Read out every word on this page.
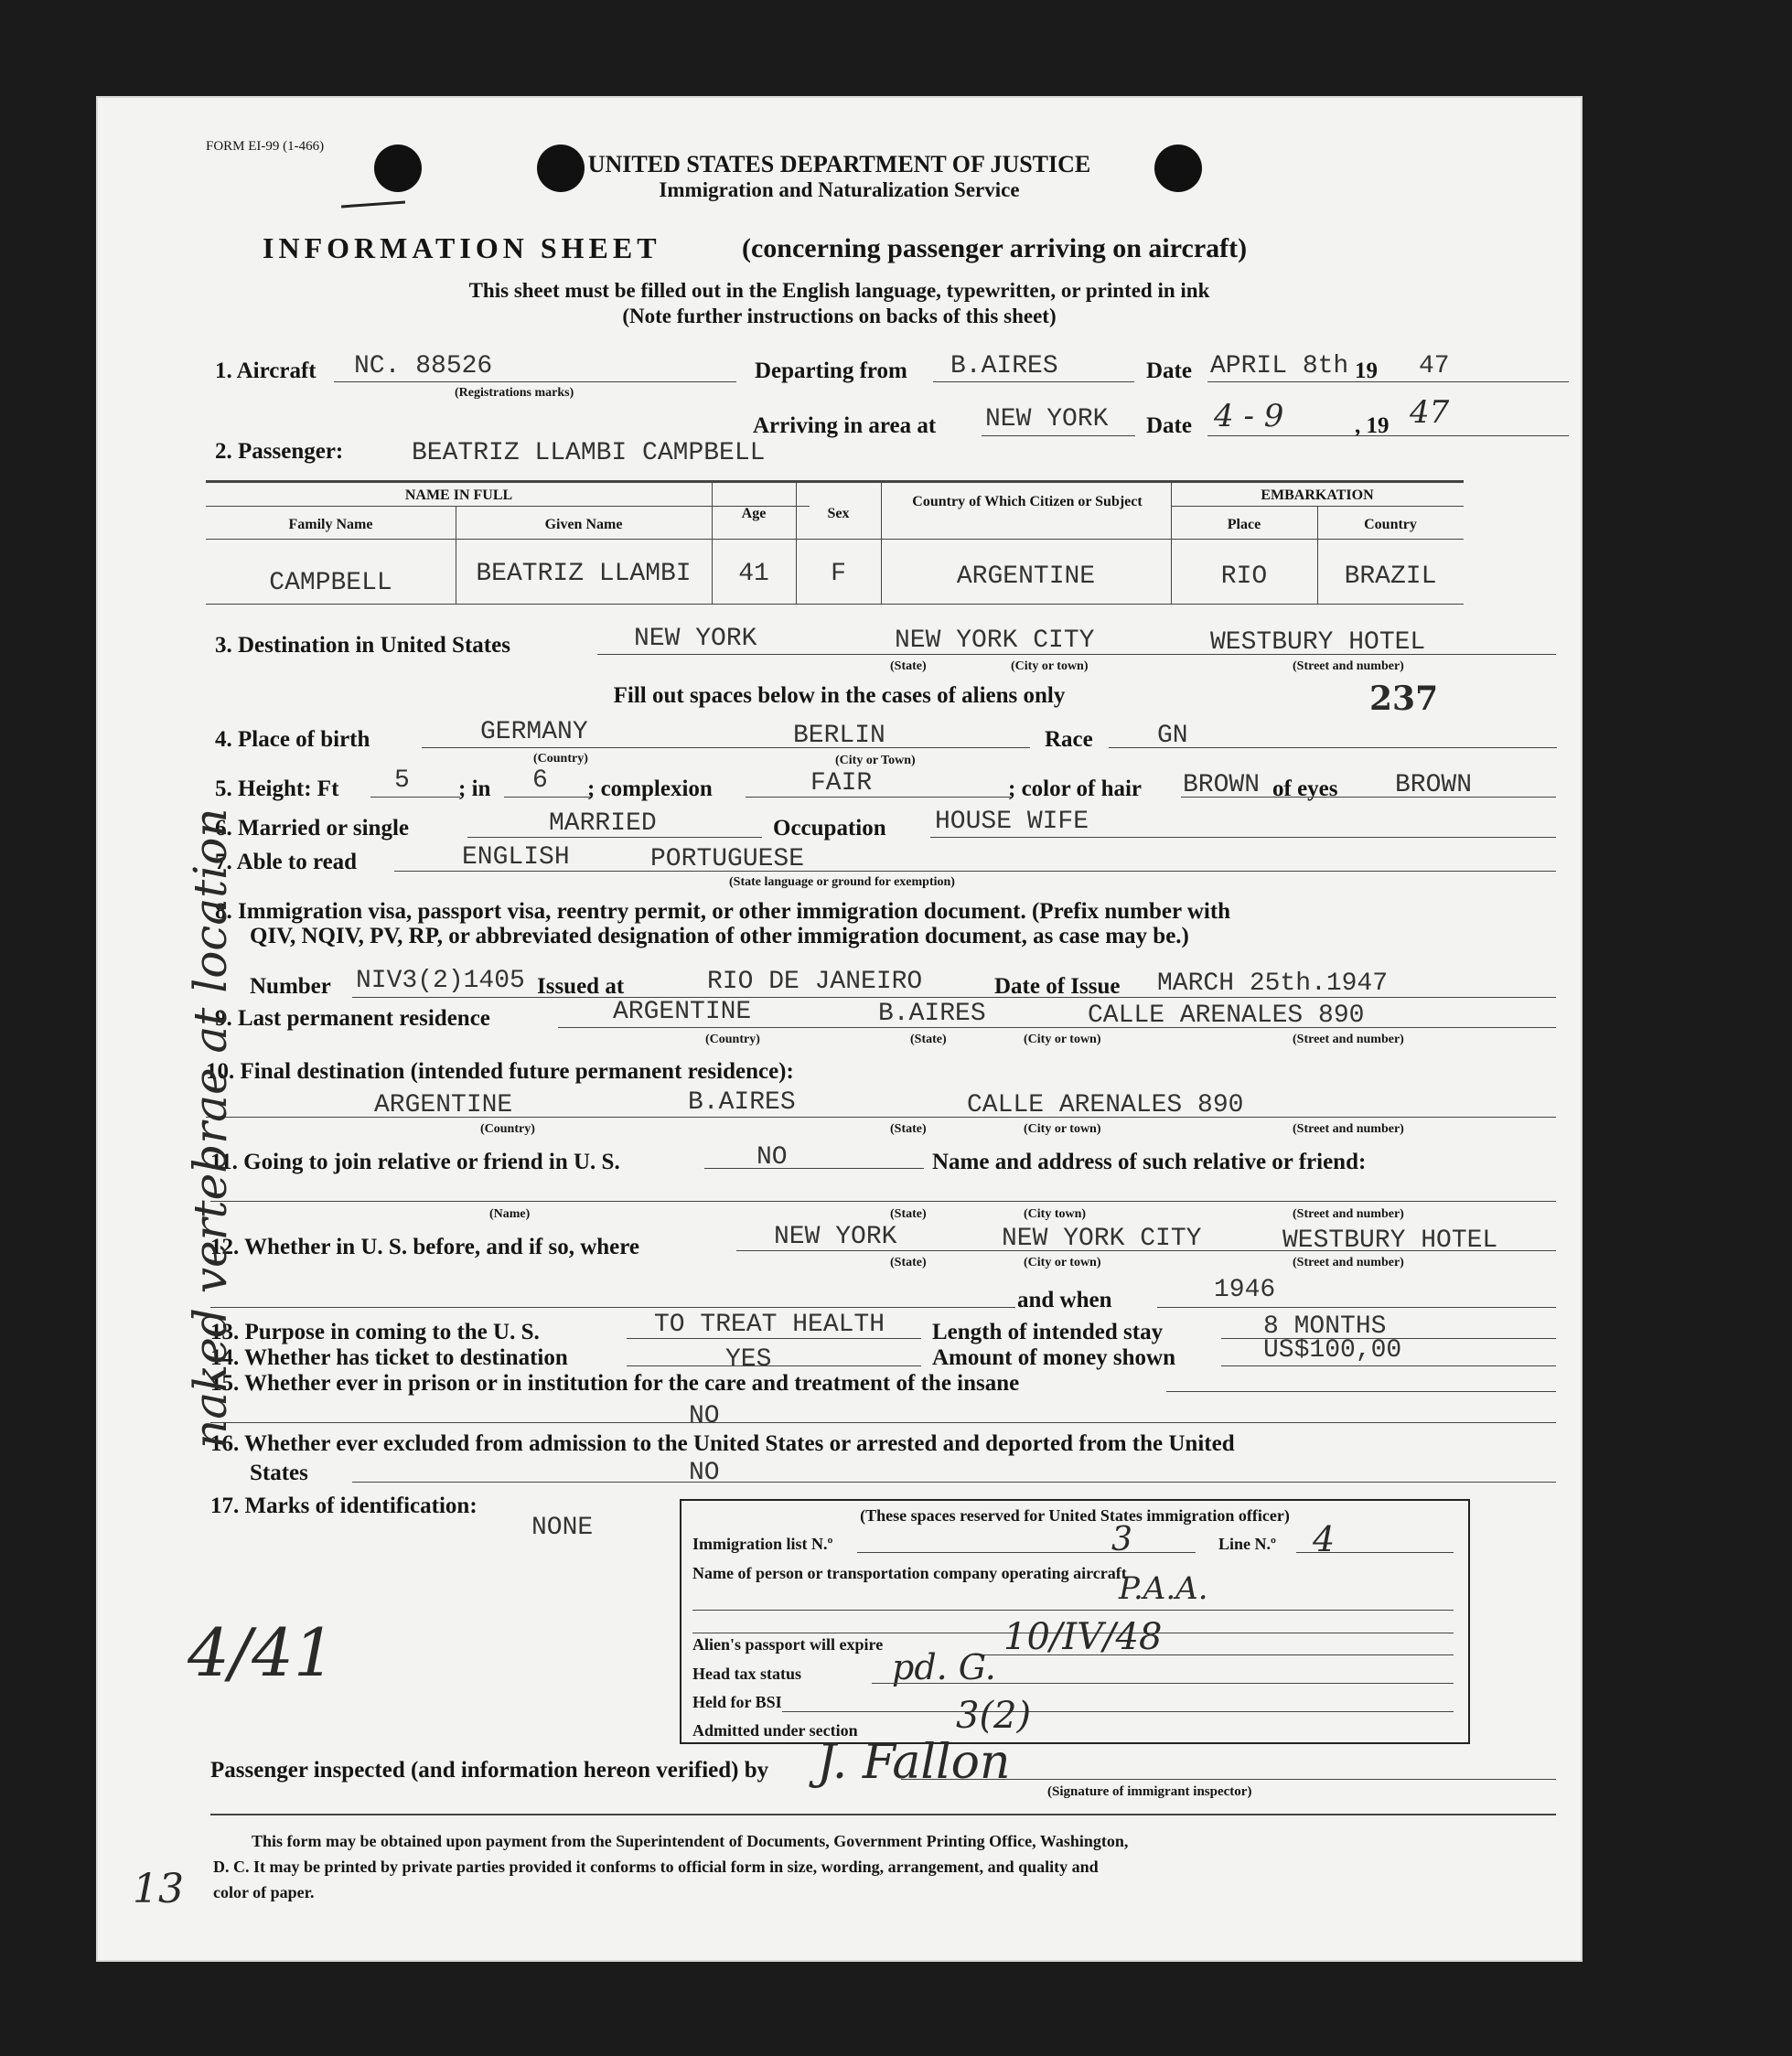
FORM EI-99 (1-466)
UNITED STATES DEPARTMENT OF JUSTICE
Immigration and Naturalization Service
INFORMATION SHEET	(concerning passenger arriving on aircraft)
This sheet must be filled out in the English language, typewritten, or printed in ink
(Note further instructions on backs of this sheet)
1. Aircraft NC. 88526
(Registrations marks)
Departing from B.AIRES	Date APRIL 8th 19 47
Arriving in area at NEW YORK Date 4 - 9	, 19 47
2. Passenger:	BEATRIZ LLAMBI CAMPBELL
NAME IN FULL
Family Name	Given Name
Age	Sex
Country of Which Citizen or Subject	EMBARKATION
Place	Country
CAMPBELL	BEATRIZ LLAMBI	41	F	ARGENTINE	RIO	BRAZIL
3. Destination in United States	NEW YORK	NEW YORK CITY	WESTBURY HOTEL
(State)	(City or town)	(Street and number)
Fill out spaces below in the cases of aliens only	237
4. Place of birth	GERMANY	BERLIN
(Country)	(City or Town)
Race	GN
5. Height: Ft 5 ; in 6 ; complexion	FAIR	; color of hair BROWN of eyes BROWN
6. Married or single	MARRIED	Occupation HOUSE WIFE
7. Able to read	ENGLISH	PORTUGUESE
(State language or ground for exemption)
8. Immigration visa, passport visa, reentry permit, or other immigration document. (Prefix number with
QIV, NQIV, PV, RP, or abbreviated designation of other immigration document, as case may be.)
Number NIV3(2)1405 Issued at	RIO DE JANEIRO	Date of Issue MARCH 25th.1947
9. Last permanent residence	ARGENTINE	B.AIRES	CALLE ARENALES 890
(Country)	(State)	(City or town)	(Street and number)
10. Final destination (intended future permanent residence):
ARGENTINE	B.AIRES	CALLE ARENALES 890
(Country)	(State)	(City or town)	(Street and number)
11. Going to join relative or friend in U. S.	NO	Name and address of such relative or friend:
(Name)	(State)	(City town)	(Street and number)
12. Whether in U. S. before, and if so, where	NEW YORK	NEW YORK CITY	WESTBURY HOTEL
(State)	(City or town)	(Street and number)
and when	1946
13. Purpose in coming to the U. S.	TO TREAT HEALTH Length of intended stay	8 MONTHS
14. Whether has ticket to destination	YES	Amount of money shown	US$100,00
15. Whether ever in prison or in institution for the care and treatment of the insane
NO
16. Whether ever excluded from admission to the United States or arrested and deported from the United
States	NO
17. Marks of identification:
NONE	(These spaces reserved for United States immigration officer)
Immigration list N.º	3	Line N.º 4
Name of person or transportation company operating aircraft
P.A.A.
Alien's passport will expire	10/IV/48
Head tax status	pd. G.
Held for BSI
Admitted under section	3(2)
Passenger inspected (and information hereon verified) by J. Fallon
(Signature of immigrant inspector)
This form may be obtained upon payment from the Superintendent of Documents, Government Printing Office, Washington,
D. C. It may be printed by private parties provided it conforms to official form in size, wording, arrangement, and quality and
color of paper.
naked vertebrae at location
4/41
13
